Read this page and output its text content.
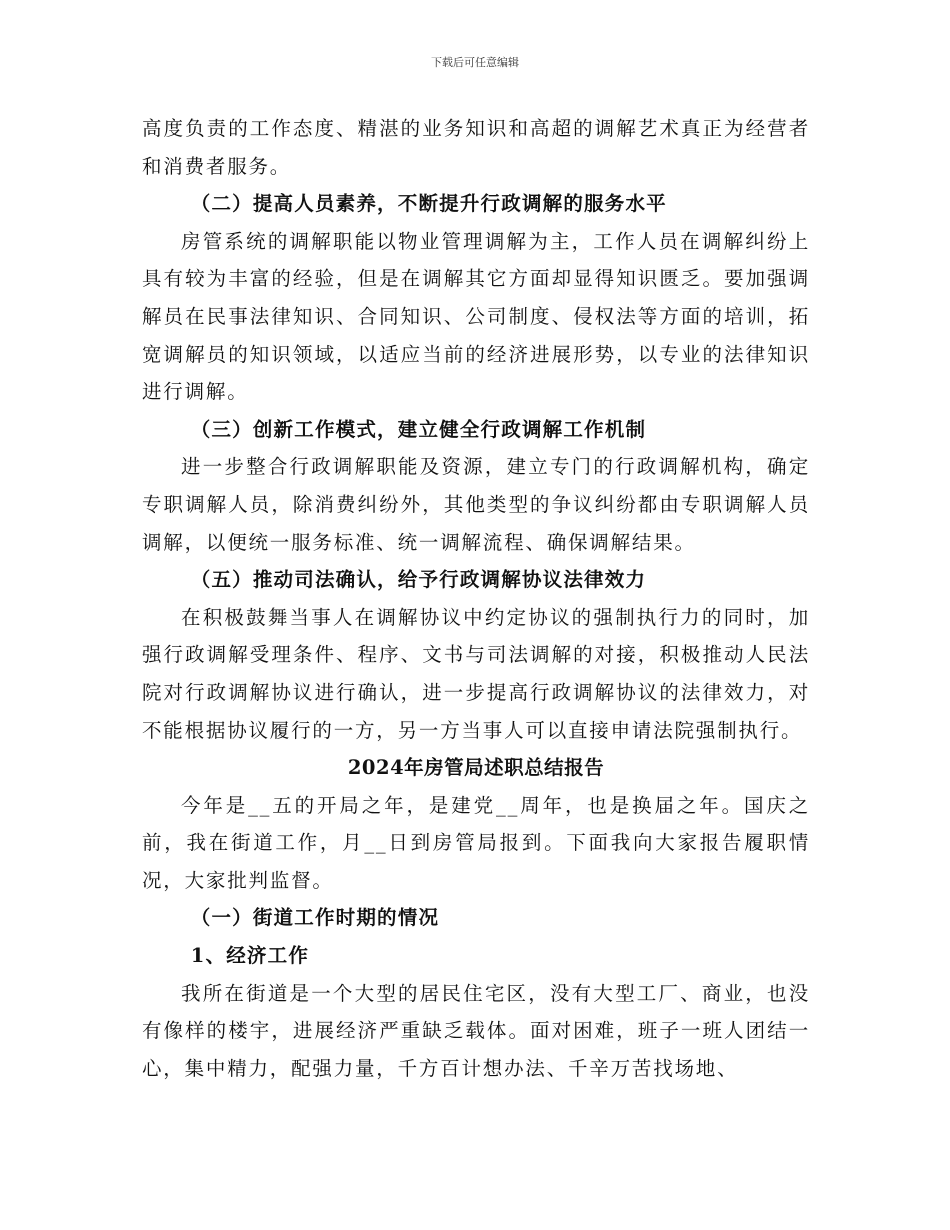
下载后可任意编辑

高度负责的工作态度、精湛的业务知识和高超的调解艺术真正为经营者和消费者服务。

（二）提高人员素养，不断提升行政调解的服务水平

房管系统的调解职能以物业管理调解为主，工作人员在调解纠纷上具有较为丰富的经验，但是在调解其它方面却显得知识匮乏。要加强调解员在民事法律知识、合同知识、公司制度、侵权法等方面的培训，拓宽调解员的知识领域，以适应当前的经济进展形势，以专业的法律知识进行调解。

（三）创新工作模式，建立健全行政调解工作机制

进一步整合行政调解职能及资源，建立专门的行政调解机构，确定专职调解人员，除消费纠纷外，其他类型的争议纠纷都由专职调解人员调解，以便统一服务标准、统一调解流程、确保调解结果。

（五）推动司法确认，给予行政调解协议法律效力

在积极鼓舞当事人在调解协议中约定协议的强制执行力的同时，加强行政调解受理条件、程序、文书与司法调解的对接，积极推动人民法院对行政调解协议进行确认，进一步提高行政调解协议的法律效力，对不能根据协议履行的一方，另一方当事人可以直接申请法院强制执行。

2024年房管局述职总结报告

今年是__五的开局之年，是建党__周年，也是换届之年。国庆之前，我在街道工作，月__日到房管局报到。下面我向大家报告履职情况，大家批判监督。

（一）街道工作时期的情况

1、经济工作

我所在街道是一个大型的居民住宅区，没有大型工厂、商业，也没有像样的楼宇，进展经济严重缺乏载体。面对困难，班子一班人团结一心，集中精力，配强力量，千方百计想办法、千辛万苦找场地、
